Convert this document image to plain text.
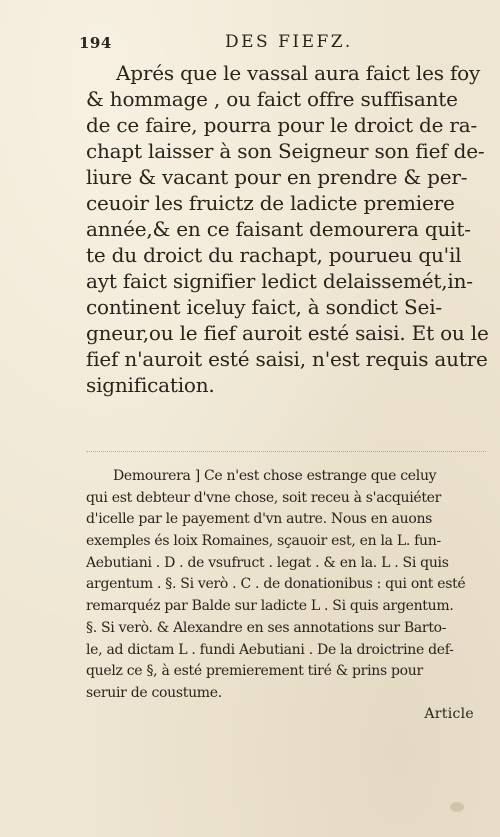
194	DES FIEFZ.
Aprés que le vassal aura faict les foy
& hommage , ou faict offre suffisante
de ce faire, pourra pour le droict de ra-
chapt laisser à son Seigneur son fief de-
liure & vacant pour en prendre & per-
ceuoir les fruictz de ladicte premiere
année,& en ce faisant demourera quit-
te du droict du rachapt, pourueu qu'il
ayt faict signifier ledict delaissemét,in-
continent iceluy faict, à sondict Sei-
gneur,ou le fief auroit esté saisi. Et ou le
fief n'auroit esté saisi, n'est requis autre
signification.
Demourera ] Ce n'est chose estrange que celuy
qui est debteur d'vne chose, soit receu à s'acquiéter
d'icelle par le payement d'vn autre. Nous en auons
exemples és loix Romaines, sçauoir est, en la L. fun-
Aebutiani . D . de vsufruct . legat . & en la. L . Si quis
argentum . §. Si verò . C . de donationibus : qui ont esté
remarquéz par Balde sur ladicte L . Si quis argentum.
§. Si verò. & Alexandre en ses annotations sur Barto-
le, ad dictam L . fundi Aebutiani . De la droictrine def-
quelz ce §, à esté premierement tiré & prins pour
seruir de coustume.
Article
